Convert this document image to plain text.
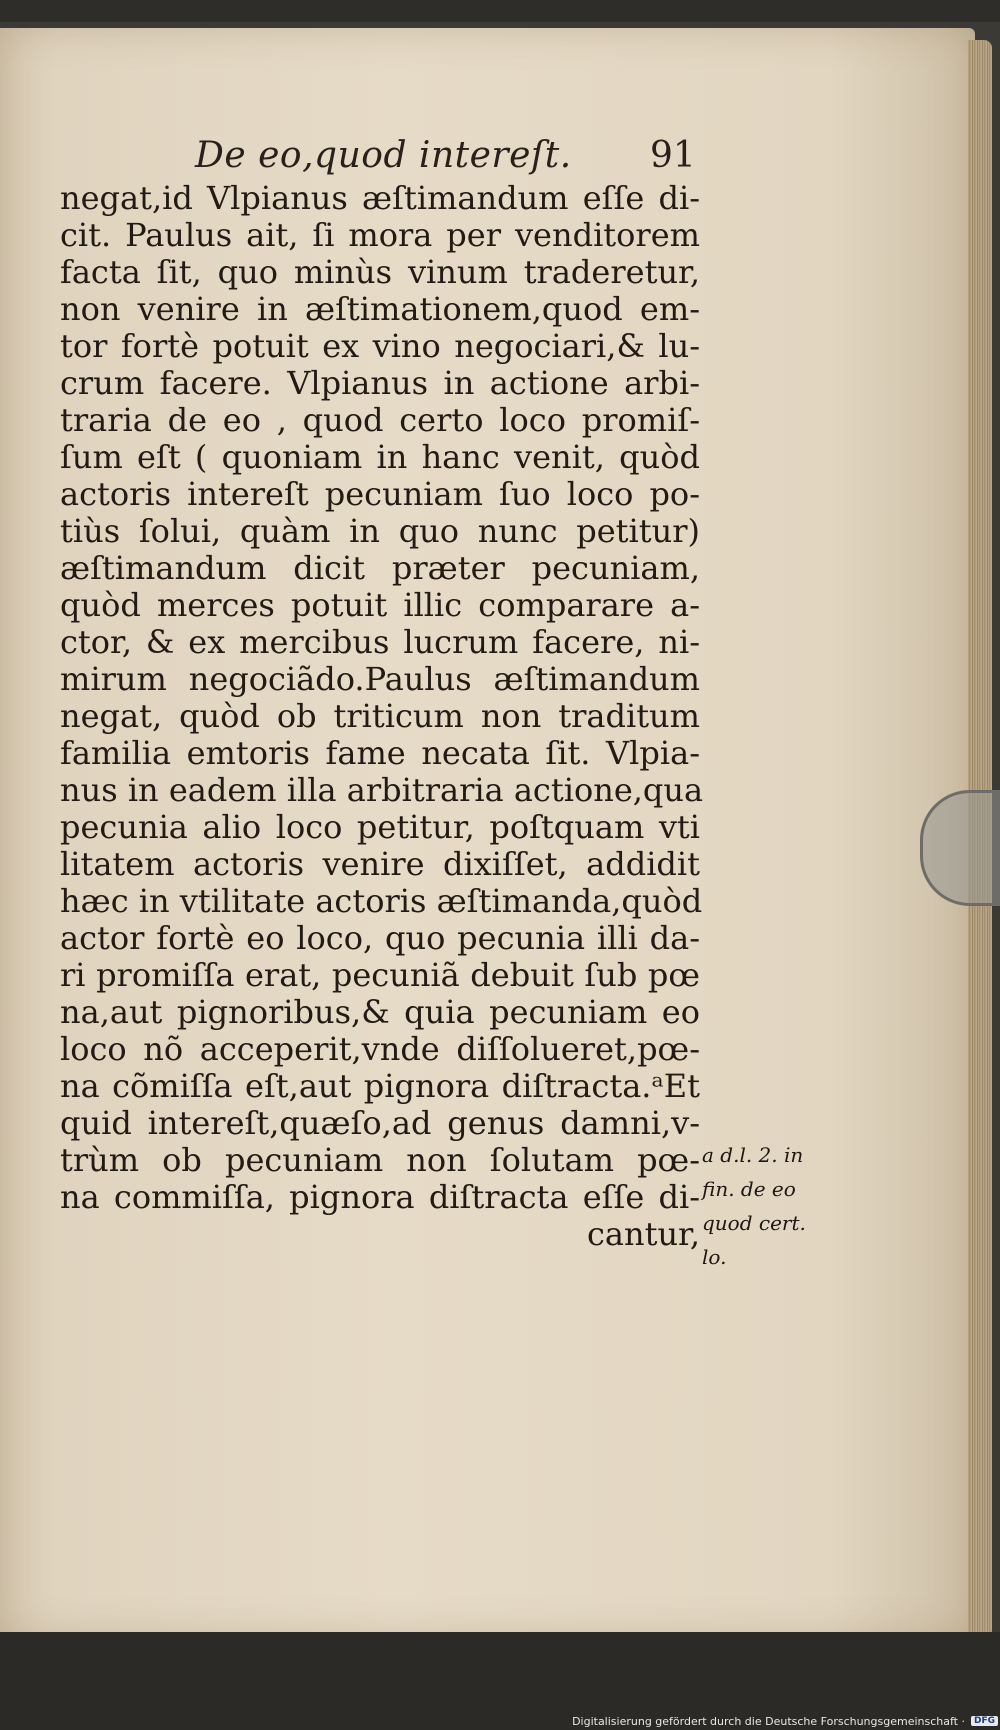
De eo,quod intereſt. 91
negat,id Vlpianus æſtimandum eſſe di-
cit. Paulus ait, ſi mora per venditorem
facta ſit, quo minùs vinum traderetur,
non venire in æſtimationem,quod em-
tor fortè potuit ex vino negociari,& lu-
crum facere. Vlpianus in actione arbi-
traria de eo , quod certo loco promiſ-
ſum eſt ( quoniam in hanc venit, quòd
actoris intereſt pecuniam ſuo loco po-
tiùs ſolui, quàm in quo nunc petitur)
æſtimandum dicit præter pecuniam,
quòd merces potuit illic comparare a-
ctor, & ex mercibus lucrum facere, ni-
mirum negociãdo.Paulus æſtimandum
negat, quòd ob triticum non traditum
familia emtoris fame necata ſit. Vlpia-
nus in eadem illa arbitraria actione,qua
pecunia alio loco petitur, poſtquam vti
litatem actoris venire dixiſſet, addidit
hæc in vtilitate actoris æſtimanda,quòd
actor fortè eo loco, quo pecunia illi da-
ri promiſſa erat, pecuniã debuit ſub pœ
na,aut pignoribus,& quia pecuniam eo
loco nõ acceperit,vnde diſſolueret,pœ-
na cõmiſſa eſt,aut pignora diſtracta.ᵃEt
quid intereſt,quæſo,ad genus damni,v-
trùm ob pecuniam non ſolutam pœ-
na commiſſa, pignora diſtracta eſſe di-
cantur,
a d.l. 2. in
fin. de eo
quod cert.
lo.
Digitalisierung gefördert durch die Deutsche Forschungsgemeinschaft ·	DFG
